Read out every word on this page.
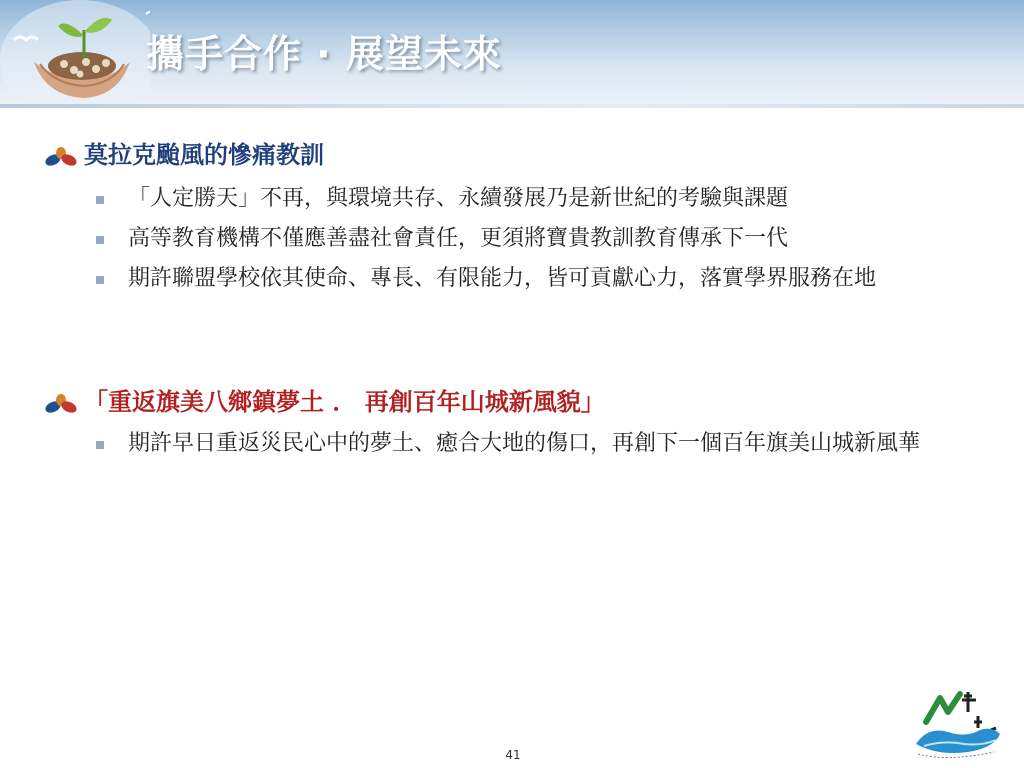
攜手合作 · 展望未來
莫拉克颱風的慘痛教訓
「人定勝天」不再，與環境共存、永續發展乃是新世紀的考驗與課題
高等教育機構不僅應善盡社會責任，更須將寶貴教訓教育傳承下一代
期許聯盟學校依其使命、專長、有限能力，皆可貢獻心力，落實學界服務在地
「重返旗美八鄉鎮夢土 ． 再創百年山城新風貌」
期許早日重返災民心中的夢土、癒合大地的傷口，再創下一個百年旗美山城新風華
41
